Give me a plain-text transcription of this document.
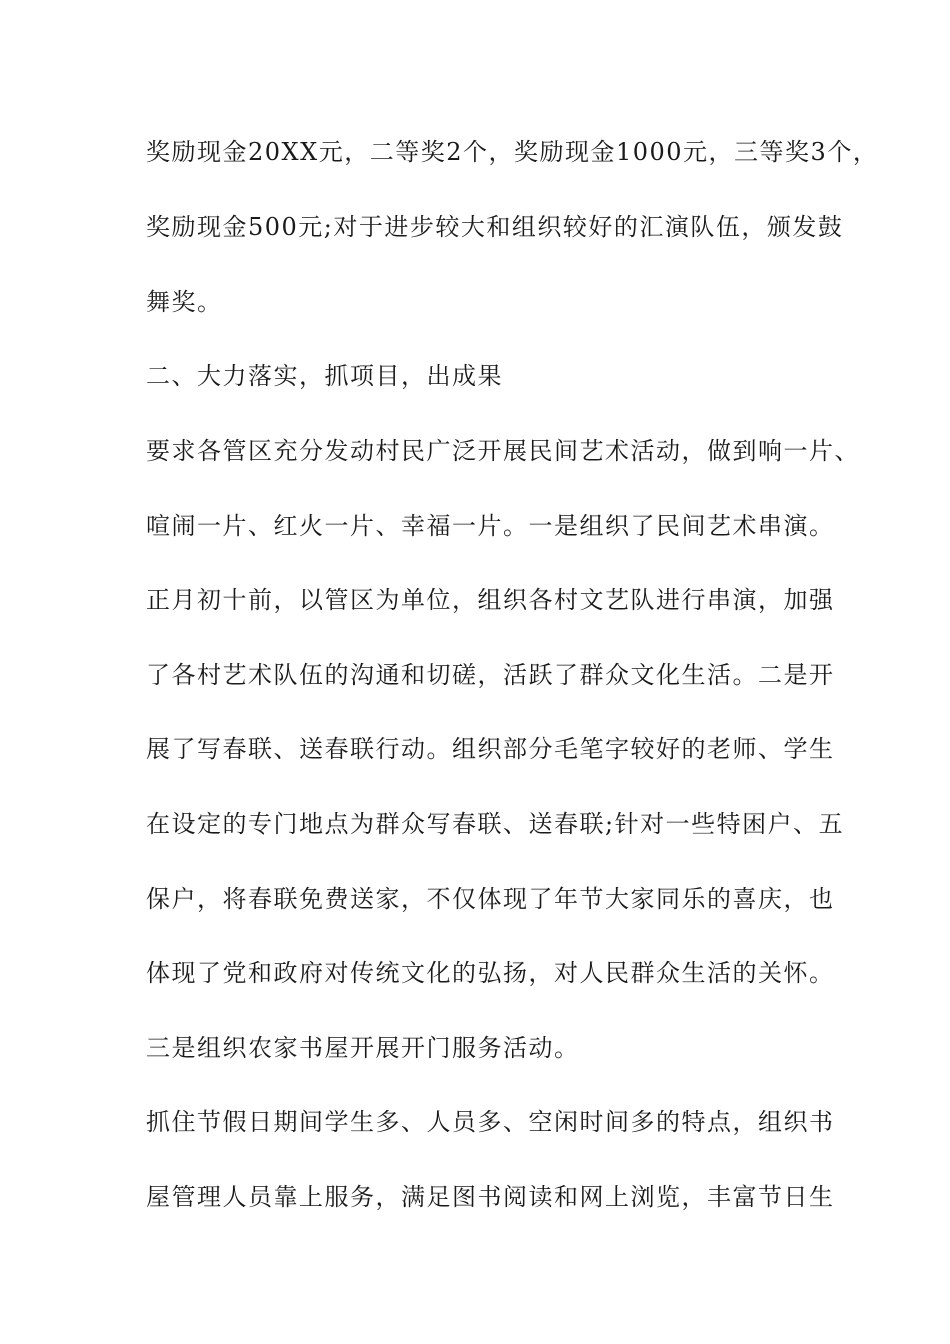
奖励现金20XX元，二等奖2个，奖励现金1000元，三等奖3个，
奖励现金500元;对于进步较大和组织较好的汇演队伍，颁发鼓
舞奖。
二、大力落实，抓项目，出成果
要求各管区充分发动村民广泛开展民间艺术活动，做到响一片、
喧闹一片、红火一片、幸福一片。一是组织了民间艺术串演。
正月初十前，以管区为单位，组织各村文艺队进行串演，加强
了各村艺术队伍的沟通和切磋，活跃了群众文化生活。二是开
展了写春联、送春联行动。组织部分毛笔字较好的老师、学生
在设定的专门地点为群众写春联、送春联;针对一些特困户、五
保户，将春联免费送家，不仅体现了年节大家同乐的喜庆，也
体现了党和政府对传统文化的弘扬，对人民群众生活的关怀。
三是组织农家书屋开展开门服务活动。
抓住节假日期间学生多、人员多、空闲时间多的特点，组织书
屋管理人员靠上服务，满足图书阅读和网上浏览，丰富节日生
